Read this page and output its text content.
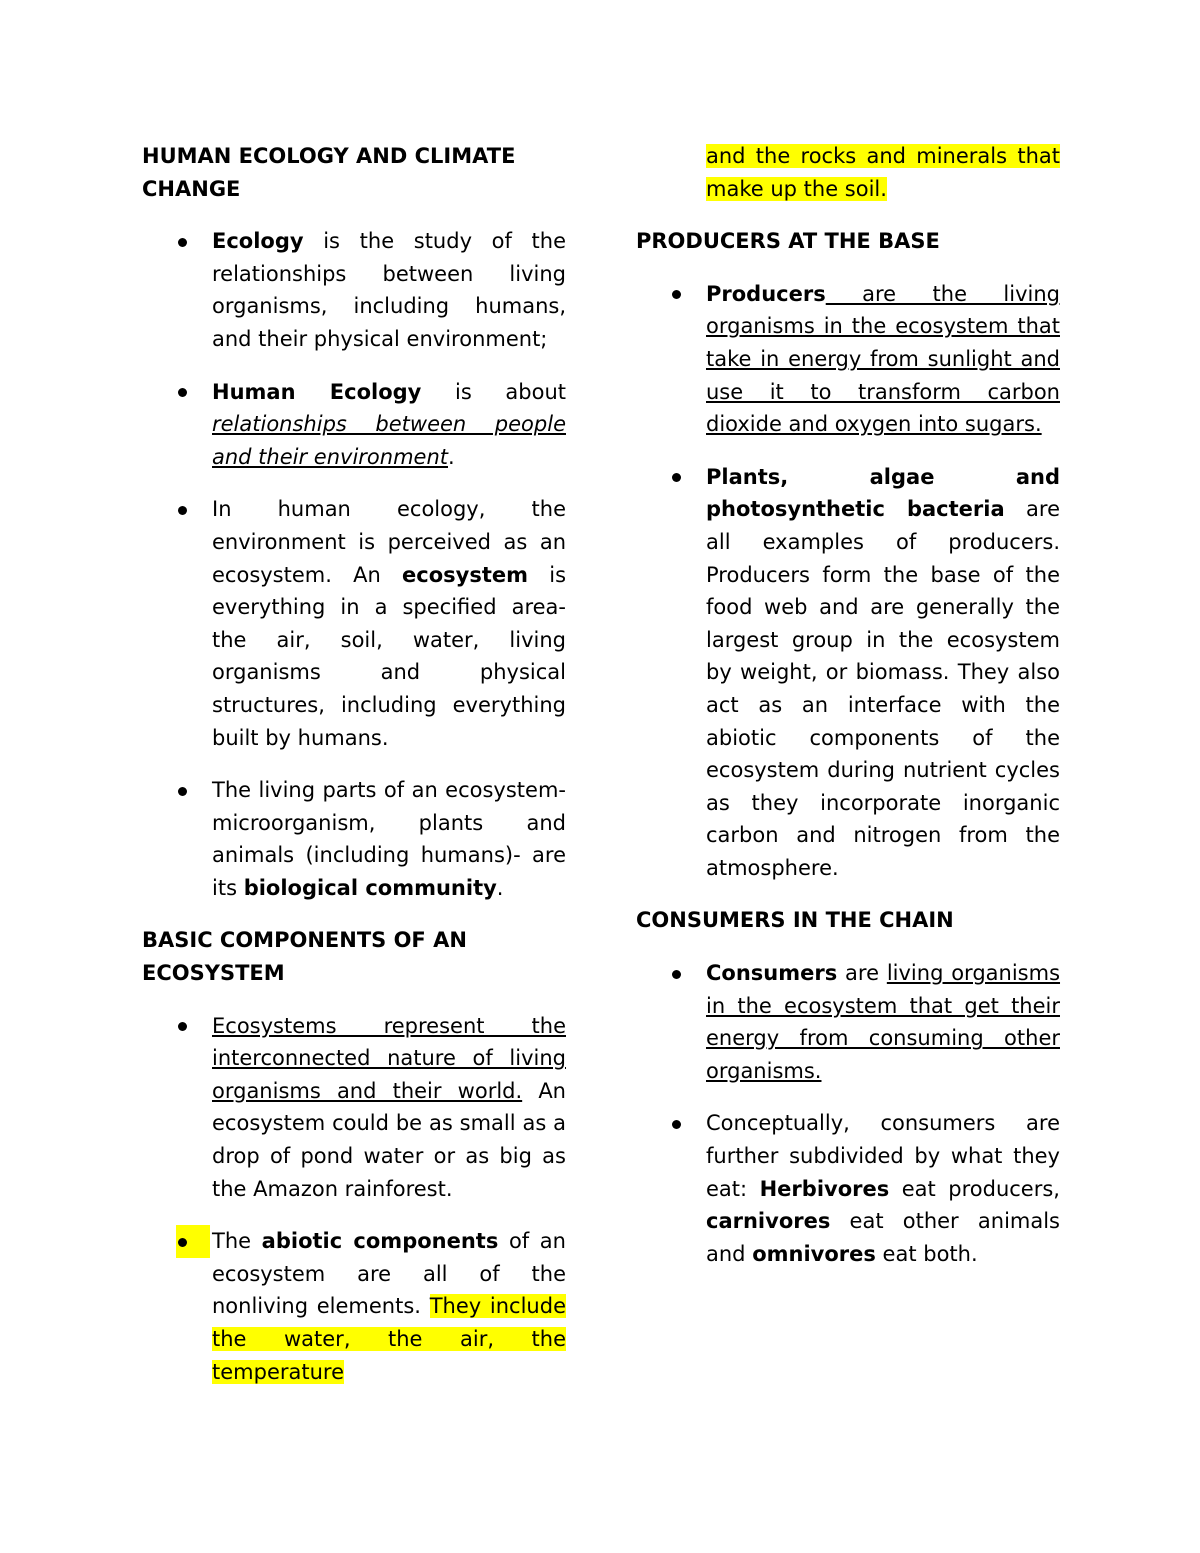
HUMAN ECOLOGY AND CLIMATE
CHANGE
Ecology is the study of the relationships between living organisms, including humans, and their physical environment;
Human Ecology is about relationships between people and their environment.
In human ecology, the environment is perceived as an ecosystem. An ecosystem is everything in a specified area- the air, soil, water, living organisms and physical structures, including everything built by humans.
The living parts of an ecosystem- microorganism, plants and animals (including humans)- are its biological community.
BASIC COMPONENTS OF AN
ECOSYSTEM
Ecosystems represent the interconnected nature of living organisms and their world. An ecosystem could be as small as a drop of pond water or as big as the Amazon rainforest.
The abiotic components of an ecosystem are all of the nonliving elements. They include the water, the air, the temperature
and the rocks and minerals that make up the soil.
PRODUCERS AT THE BASE
Producers are the living organisms in the ecosystem that take in energy from sunlight and use it to transform carbon dioxide and oxygen into sugars.
Plants, algae and photosynthetic bacteria are all examples of producers. Producers form the base of the food web and are generally the largest group in the ecosystem by weight, or biomass. They also act as an interface with the abiotic components of the ecosystem during nutrient cycles as they incorporate inorganic carbon and nitrogen from the atmosphere.
CONSUMERS IN THE CHAIN
Consumers are living organisms in the ecosystem that get their energy from consuming other organisms.
Conceptually, consumers are further subdivided by what they eat: Herbivores eat producers, carnivores eat other animals and omnivores eat both.
